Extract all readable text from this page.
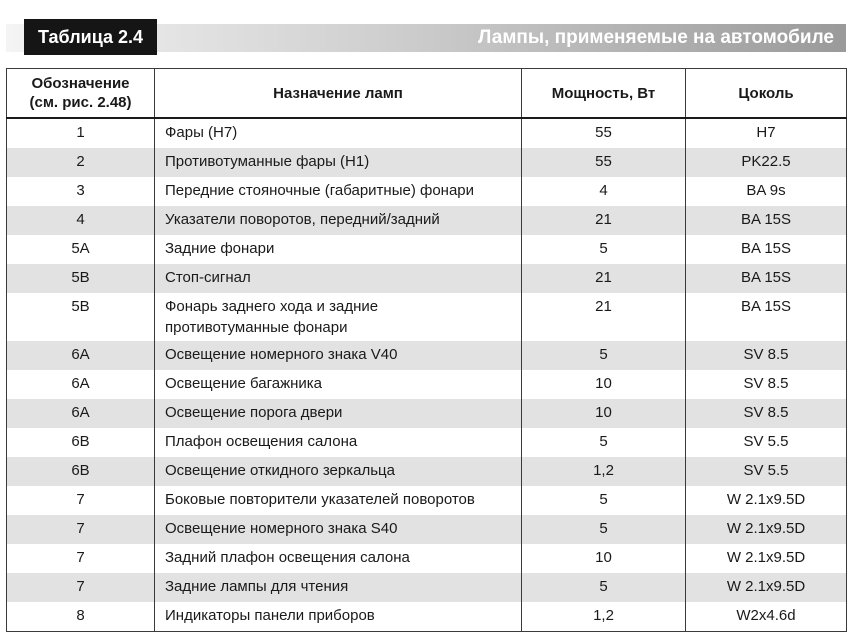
Таблица 2.4	Лампы, применяемые на автомобиле
Обозначение
(см. рис. 2.48)	Назначение ламп	Мощность, Вт	Цоколь
1	Фары (H7)	55	H7
2	Противотуманные фары (H1)	55	PK22.5
3	Передние стояночные (габаритные) фонари	4	BA 9s
4	Указатели поворотов, передний/задний	21	BA 15S
5A	Задние фонари	5	BA 15S
5B	Стоп-сигнал	21	BA 15S
5B	Фонарь заднего хода и задние
противотуманные фонари	21	BA 15S
6A	Освещение номерного знака V40	5	SV 8.5
6A	Освещение багажника	10	SV 8.5
6A	Освещение порога двери	10	SV 8.5
6B	Плафон освещения салона	5	SV 5.5
6B	Освещение откидного зеркальца	1,2	SV 5.5
7	Боковые повторители указателей поворотов	5	W 2.1x9.5D
7	Освещение номерного знака S40	5	W 2.1x9.5D
7	Задний плафон освещения салона	10	W 2.1x9.5D
7	Задние лампы для чтения	5	W 2.1x9.5D
8	Индикаторы панели приборов	1,2	W2x4.6d
